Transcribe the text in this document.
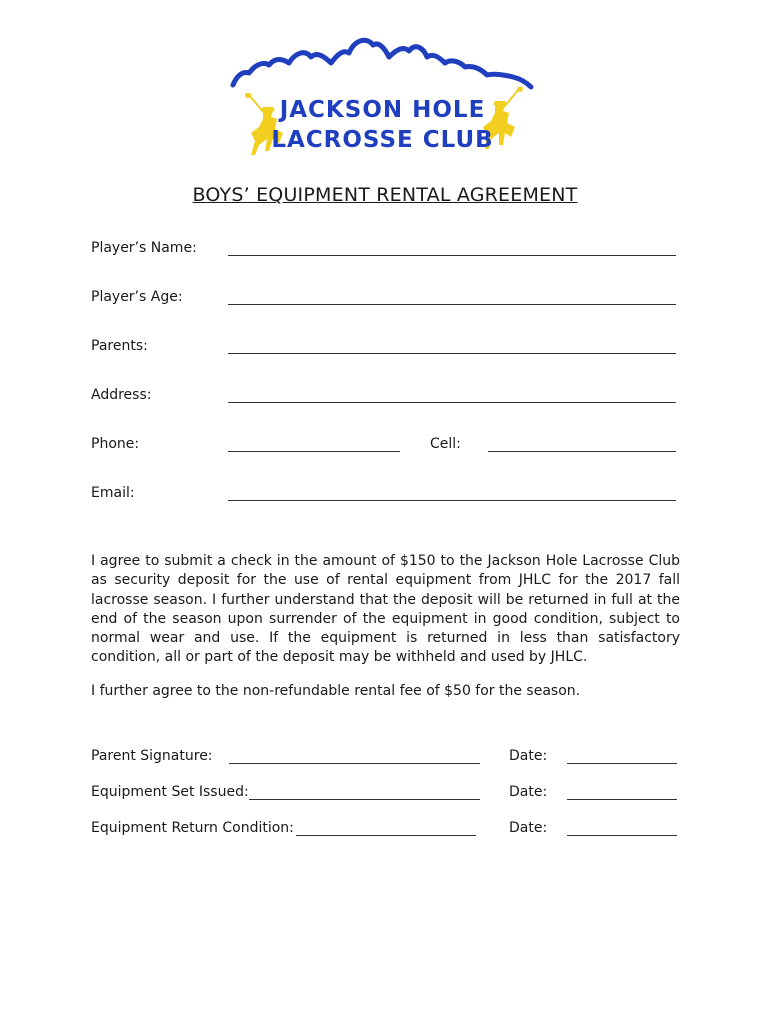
JACKSON HOLE
LACROSSE CLUB
BOYS’ EQUIPMENT RENTAL AGREEMENT
Player’s Name:
Player’s Age:
Parents:
Address:
Phone:	Cell:
Email:
I agree to submit a check in the amount of $150 to the Jackson Hole Lacrosse Club as security deposit for the use of rental equipment from JHLC for the 2017 fall lacrosse season. I further understand that the deposit will be returned in full at the end of the season upon surrender of the equipment in good condition, subject to normal wear and use. If the equipment is returned in less than satisfactory condition, all or part of the deposit may be withheld and used by JHLC.
I further agree to the non-refundable rental fee of $50 for the season.
Parent Signature:	Date:
Equipment Set Issued:	Date:
Equipment Return Condition:	Date:
